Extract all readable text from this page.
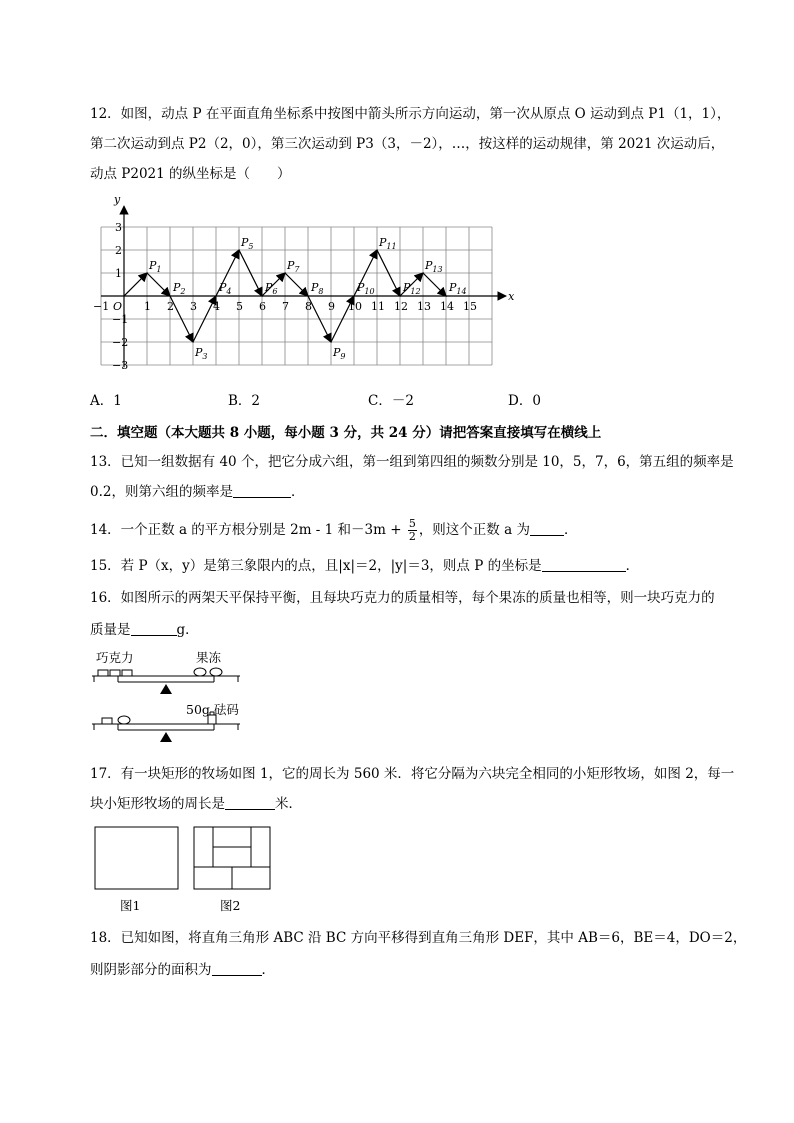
12．如图，动点 P 在平面直角坐标系中按图中箭头所示方向运动，第一次从原点 O 运动到点 P1（1，1），
第二次运动到点 P2（2，0），第三次运动到 P3（3，－2），…，按这样的运动规律，第 2021 次运动后，
动点 P2021 的纵坐标是（　　）
−1	1 2 3 4 5 6 7 8 9 10 11 12 13 14 15
3
2
1
−1
−2
−3
O
x
y
$P_1$
$P_2$
$P_3$
$P_4$
$P_5$
$P_6$
$P_7$
$P_8$
$P_9$
$P_{10}$
$P_{11}$
$P_{12}$
$P_{13}$
$P_{14}$
A．1	B．2	C．－2	D．0
二．填空题（本大题共 8 小题，每小题 3 分，共 24 分）请把答案直接填写在横线上
13．已知一组数据有 40 个，把它分成六组，第一组到第四组的频数分别是 10，5，7，6，第五组的频率是
0.2，则第六组的频率是	．
14．一个正数 a 的平方根分别是 2m - 1 和$-3m + \frac{5}{2}$ ，则这个正数 a 为	．
15．若 P（x，y）是第三象限内的点，且|x|＝2，|y|＝3，则点 P 的坐标是	．
16．如图所示的两架天平保持平衡，且每块巧克力的质量相等，每个果冻的质量也相等，则一块巧克力的
质量是	g．
巧克力	果冻
50g 砝码
17．有一块矩形的牧场如图 1，它的周长为 560 米．将它分隔为六块完全相同的小矩形牧场，如图 2，每一
块小矩形牧场的周长是	米．
图1	图2
18．已知如图，将直角三角形 ABC 沿 BC 方向平移得到直角三角形 DEF，其中 AB＝6，BE＝4，DO＝2，
则阴影部分的面积为	．
